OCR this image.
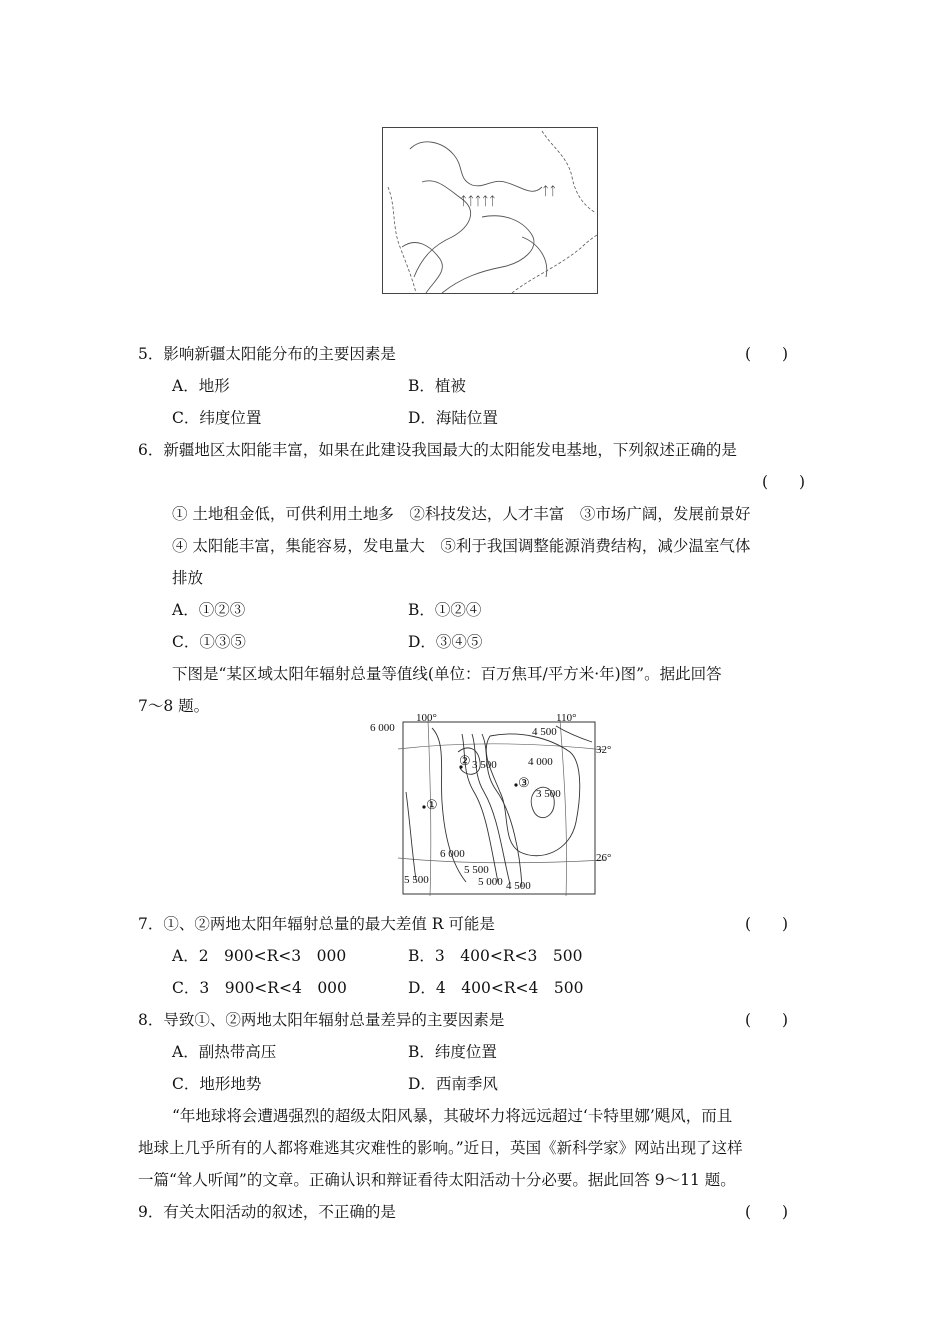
ᛏᛏᛏᛏᛏ
ᛏᛏ
5．影响新疆太阳能分布的主要因素是	(　　)
A．地形	B．植被
C．纬度位置	D．海陆位置
6．新疆地区太阳能丰富，如果在此建设我国最大的太阳能发电基地，下列叙述正确的是
(　　)
① 土地租金低，可供利用土地多　②科技发达，人才丰富　③市场广阔，发展前景好
④ 太阳能丰富，集能容易，发电量大　⑤利于我国调整能源消费结构，减少温室气体
排放
A．①②③	B．①②④
C．①③⑤	D．③④⑤
下图是“某区域太阳年辐射总量等值线(单位：百万焦耳/平方米·年)图”。据此回答
7～8 题。
100°	110°
32°
26°
6 000	4 500
3 500	4 000
3 500
6 000
5 500
5 500	5 000 4 500
①
②
③
7．①、②两地太阳年辐射总量的最大差值 R 可能是	(　　)
A．2　900<R<3　000	B．3　400<R<3　500
C．3　900<R<4　000	D．4　400<R<4　500
8．导致①、②两地太阳年辐射总量差异的主要因素是	(　　)
A．副热带高压	B．纬度位置
C．地形地势	D．西南季风
“年地球将会遭遇强烈的超级太阳风暴，其破坏力将远远超过‘卡特里娜’飓风，而且
地球上几乎所有的人都将难逃其灾难性的影响。”近日，英国《新科学家》网站出现了这样
一篇“耸人听闻”的文章。正确认识和辩证看待太阳活动十分必要。据此回答 9～11 题。
9．有关太阳活动的叙述，不正确的是	(　　)
